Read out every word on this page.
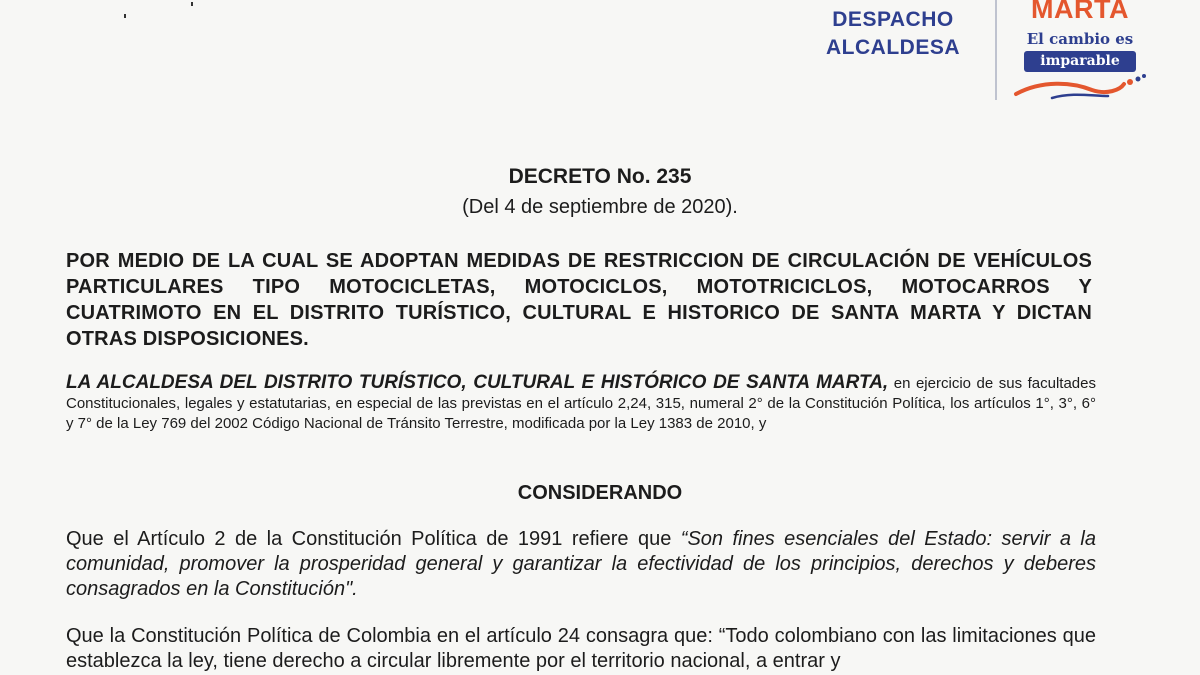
DESPACHO
ALCALDESA
MARTA
El cambio es
imparable
DECRETO No. 235
(Del 4 de septiembre de 2020).
POR MEDIO DE LA CUAL SE ADOPTAN MEDIDAS DE RESTRICCION DE CIRCULACIÓN DE VEHÍCULOS PARTICULARES TIPO MOTOCICLETAS, MOTOCICLOS, MOTOTRICICLOS, MOTOCARROS Y CUATRIMOTO EN EL DISTRITO TURÍSTICO, CULTURAL E HISTORICO DE SANTA MARTA Y DICTAN OTRAS DISPOSICIONES.
LA ALCALDESA DEL DISTRITO TURÍSTICO, CULTURAL E HISTÓRICO DE SANTA MARTA, en ejercicio de sus facultades Constitucionales, legales y estatutarias, en especial de las previstas en el artículo 2,24, 315, numeral 2° de la Constitución Política, los artículos 1°, 3°, 6° y 7° de la Ley 769 del 2002 Código Nacional de Tránsito Terrestre, modificada por la Ley 1383 de 2010, y
CONSIDERANDO
Que el Artículo 2 de la Constitución Política de 1991 refiere que “Son fines esenciales del Estado: servir a la comunidad, promover la prosperidad general y garantizar la efectividad de los principios, derechos y deberes consagrados en la Constitución".
Que la Constitución Política de Colombia en el artículo 24 consagra que: “Todo colombiano con las limitaciones que establezca la ley, tiene derecho a circular libremente por el territorio nacional, a entrar y
